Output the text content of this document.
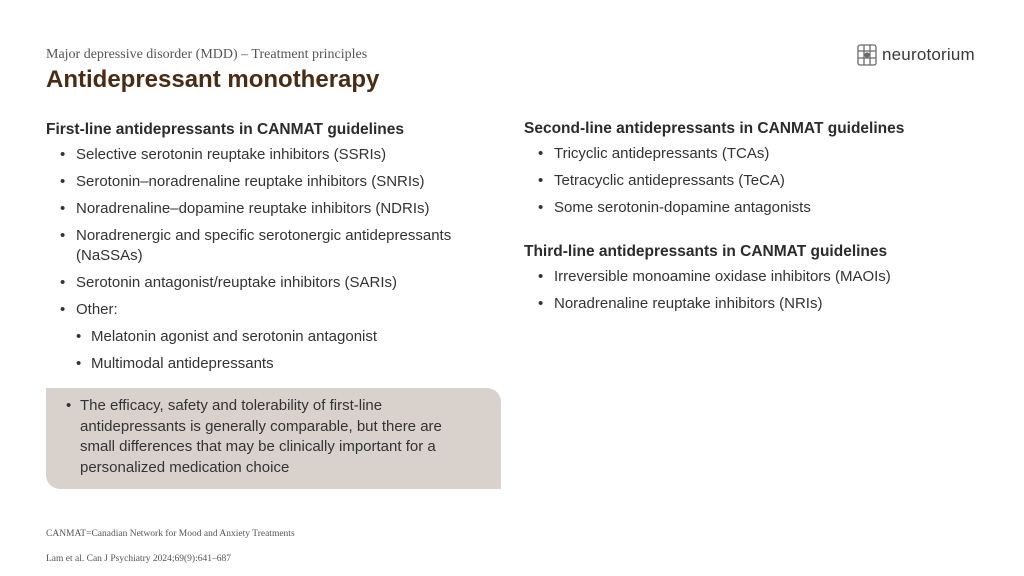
Major depressive disorder (MDD) – Treatment principles
Antidepressant monotherapy
neurotorium
First-line antidepressants in CANMAT guidelines
• Selective serotonin reuptake inhibitors (SSRIs)
• Serotonin–noradrenaline reuptake inhibitors (SNRIs)
• Noradrenaline–dopamine reuptake inhibitors (NDRIs)
• Noradrenergic and specific serotonergic antidepressants (NaSSAs)
• Serotonin antagonist/reuptake inhibitors (SARIs)
• Other:
• Melatonin agonist and serotonin antagonist
• Multimodal antidepressants
• The efficacy, safety and tolerability of first-line antidepressants is generally comparable, but there are small differences that may be clinically important for a personalized medication choice
Second-line antidepressants in CANMAT guidelines
• Tricyclic antidepressants (TCAs)
• Tetracyclic antidepressants (TeCA)
• Some serotonin-dopamine antagonists
Third-line antidepressants in CANMAT guidelines
• Irreversible monoamine oxidase inhibitors (MAOIs)
• Noradrenaline reuptake inhibitors (NRIs)
CANMAT=Canadian Network for Mood and Anxiety Treatments
Lam et al. Can J Psychiatry 2024;69(9):641–687
